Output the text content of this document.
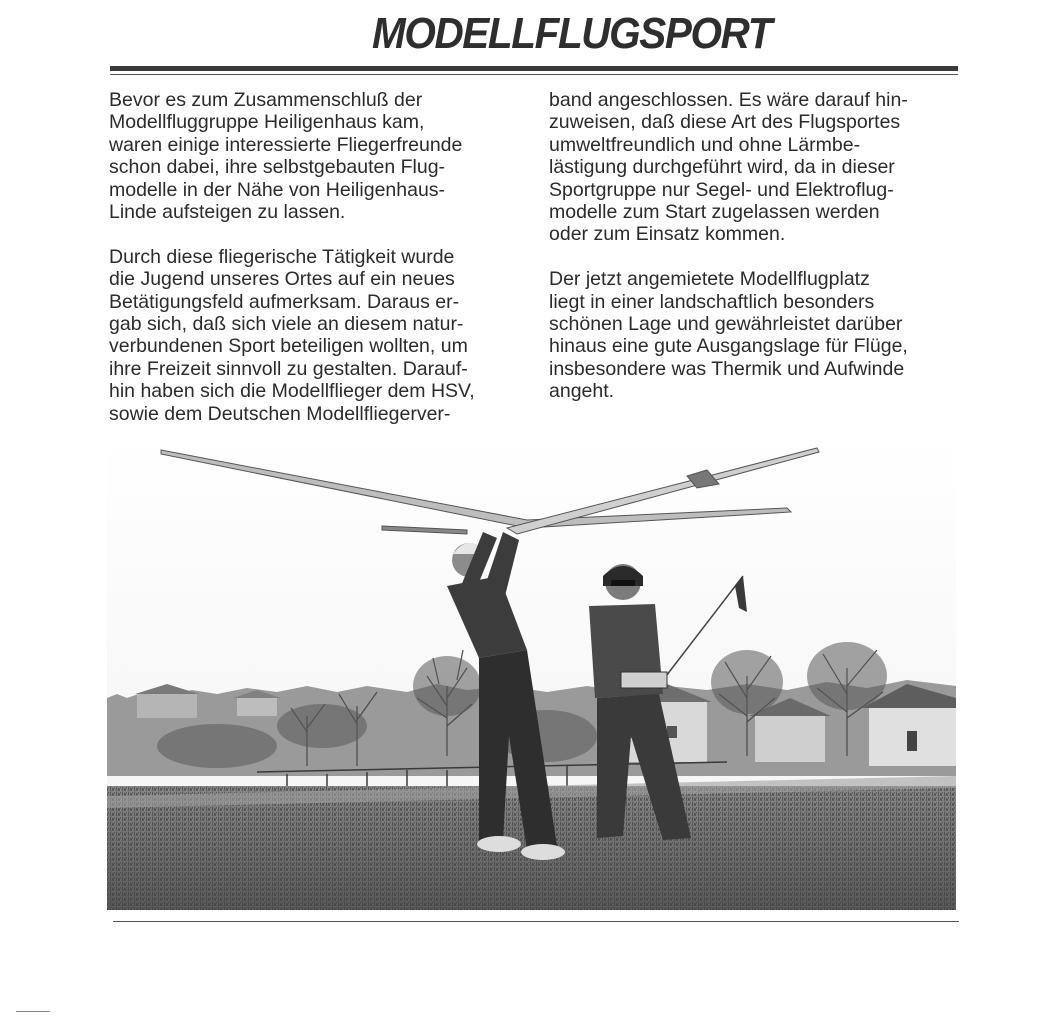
MODELLFLUGSPORT

Bevor es zum Zusammenschluß der
Modellfluggruppe Heiligenhaus kam,
waren einige interessierte Fliegerfreunde
schon dabei, ihre selbstgebauten Flug-
modelle in der Nähe von Heiligenhaus-
Linde aufsteigen zu lassen.

Durch diese fliegerische Tätigkeit wurde
die Jugend unseres Ortes auf ein neues
Betätigungsfeld aufmerksam. Daraus er-
gab sich, daß sich viele an diesem natur-
verbundenen Sport beteiligen wollten, um
ihre Freizeit sinnvoll zu gestalten. Darauf-
hin haben sich die Modellflieger dem HSV,
sowie dem Deutschen Modellfliegerver-

band angeschlossen. Es wäre darauf hin-
zuweisen, daß diese Art des Flugsportes
umweltfreundlich und ohne Lärmbe-
lästigung durchgeführt wird, da in dieser
Sportgruppe nur Segel- und Elektroflug-
modelle zum Start zugelassen werden
oder zum Einsatz kommen.

Der jetzt angemietete Modellflugplatz
liegt in einer landschaftlich besonders
schönen Lage und gewährleistet darüber
hinaus eine gute Ausgangslage für Flüge,
insbesondere was Thermik und Aufwinde
angeht.
